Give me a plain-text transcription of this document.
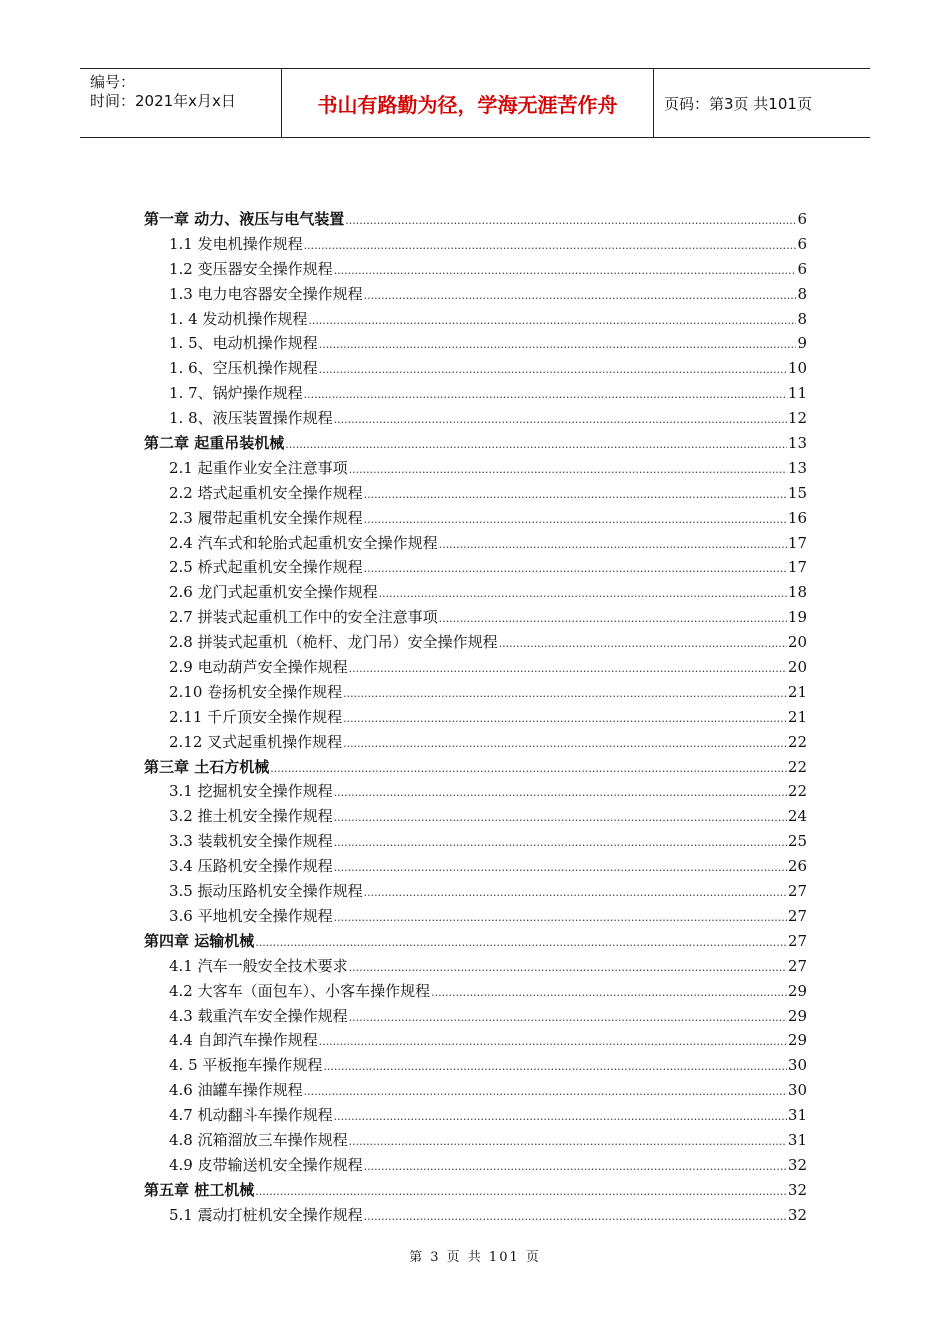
编号：
时间：2021年x月x日	书山有路勤为径，学海无涯苦作舟	页码：第3页 共101页
第一章 动力、液压与电气装置 .....	6
1.1 发电机操作规程 .....	6
1.2 变压器安全操作规程 .....	6
1.3 电力电容器安全操作规程 .....	8
1. 4 发动机操作规程 .....	8
1. 5、电动机操作规程 .....	9
1. 6、空压机操作规程 .....	10
1. 7、锅炉操作规程 .....	11
1. 8、液压装置操作规程 .....	12
第二章 起重吊装机械 .....	13
2.1 起重作业安全注意事项 .....	13
2.2 塔式起重机安全操作规程 .....	15
2.3 履带起重机安全操作规程 .....	16
2.4 汽车式和轮胎式起重机安全操作规程 .....	17
2.5 桥式起重机安全操作规程 .....	17
2.6 龙门式起重机安全操作规程 .....	18
2.7 拼装式起重机工作中的安全注意事项 .....	19
2.8 拼装式起重机（桅杆、龙门吊）安全操作规程 .....	20
2.9 电动葫芦安全操作规程 .....	20
2.10 卷扬机安全操作规程 .....	21
2.11 千斤顶安全操作规程 .....	21
2.12 叉式起重机操作规程 .....	22
第三章 土石方机械 .....	22
3.1 挖掘机安全操作规程 .....	22
3.2 推土机安全操作规程 .....	24
3.3 装载机安全操作规程 .....	25
3.4 压路机安全操作规程 .....	26
3.5 振动压路机安全操作规程 .....	27
3.6 平地机安全操作规程 .....	27
第四章 运输机械 .....	27
4.1 汽车一般安全技术要求 .....	27
4.2 大客车（面包车）、小客车操作规程 .....	29
4.3 载重汽车安全操作规程 .....	29
4.4 自卸汽车操作规程 .....	29
4. 5 平板拖车操作规程 .....	30
4.6 油罐车操作规程 .....	30
4.7 机动翻斗车操作规程 .....	31
4.8 沉箱溜放三车操作规程 .....	31
4.9 皮带输送机安全操作规程 .....	32
第五章 桩工机械 .....	32
5.1 震动打桩机安全操作规程 .....	32
第 3 页 共 101 页
